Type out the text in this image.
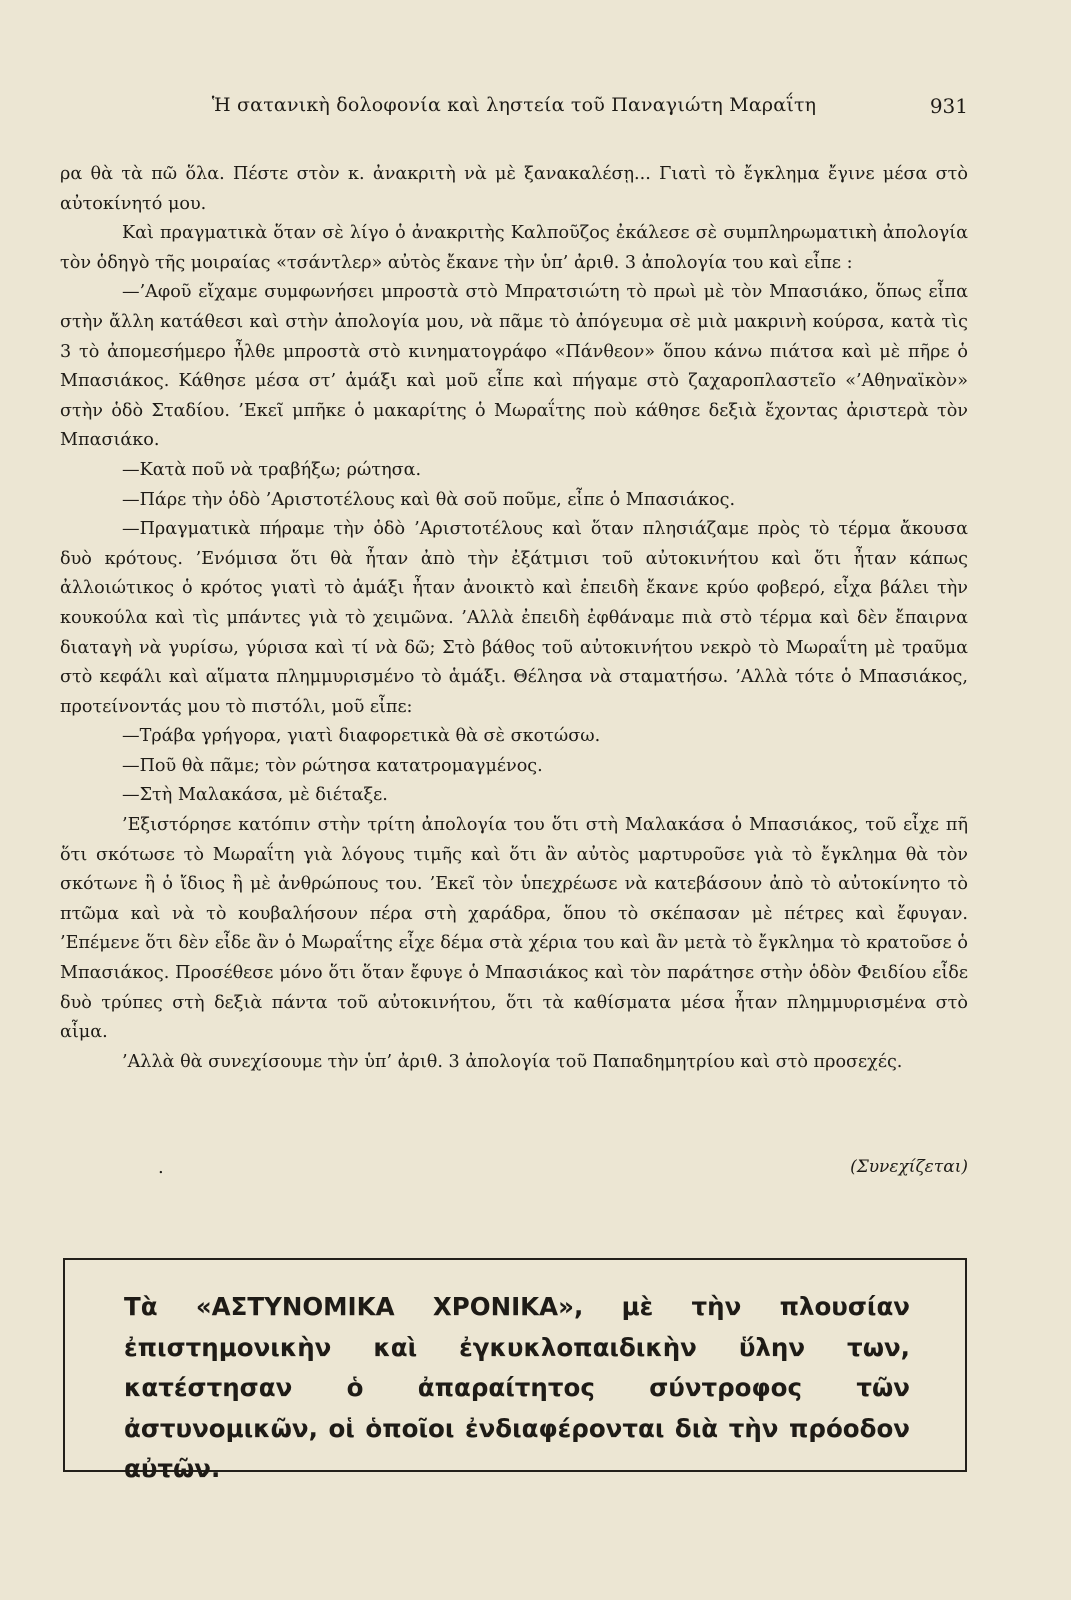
Ἡ σατανικὴ δολοφονία καὶ ληστεία τοῦ Παναγιώτη Μαραΐτη	931

ρα θὰ τὰ πῶ ὅλα. Πέστε στὸν κ. ἀνακριτὴ νὰ μὲ ξανακαλέσῃ... Γιατὶ τὸ ἔγκλημα ἔγινε μέσα στὸ αὐτοκίνητό μου.

Καὶ πραγματικὰ ὅταν σὲ λίγο ὁ ἀνακριτὴς Καλποῦζος ἐκάλεσε σὲ συμπληρωματικὴ ἀπολογία τὸν ὁδηγὸ τῆς μοιραίας «τσάντλερ» αὐτὸς ἔκανε τὴν ὑπ’ ἀριθ. 3 ἀπολογία του καὶ εἶπε :

—’Αφοῦ εἴχαμε συμφωνήσει μπροστὰ στὸ Μπρατσιώτη τὸ πρωὶ μὲ τὸν Μπασιάκο, ὅπως εἶπα στὴν ἄλλη κατάθεσι καὶ στὴν ἀπολογία μου, νὰ πᾶμε τὸ ἀπόγευμα σὲ μιὰ μακρινὴ κούρσα, κατὰ τὶς 3 τὸ ἀπομεσήμερο ἦλθε μπροστὰ στὸ κινηματογράφο «Πάνθεον» ὅπου κάνω πιάτσα καὶ μὲ πῆρε ὁ Μπασιάκος. Κάθησε μέσα στ’ ἁμάξι καὶ μοῦ εἶπε καὶ πήγαμε στὸ ζαχαροπλαστεῖο «’Αθηναϊκὸν» στὴν ὁδὸ Σταδίου. ’Εκεῖ μπῆκε ὁ μακαρίτης ὁ Μωραΐτης ποὺ κάθησε δεξιὰ ἔχοντας ἀριστερὰ τὸν Μπασιάκο.

—Κατὰ ποῦ νὰ τραβήξω; ρώτησα.

—Πάρε τὴν ὁδὸ ’Αριστοτέλους καὶ θὰ σοῦ ποῦμε, εἶπε ὁ Μπασιάκος.

—Πραγματικὰ πήραμε τὴν ὁδὸ ’Αριστοτέλους καὶ ὅταν πλησιάζαμε πρὸς τὸ τέρμα ἄκουσα δυὸ κρότους. ’Ενόμισα ὅτι θὰ ἦταν ἀπὸ τὴν ἐξάτμισι τοῦ αὐτοκινήτου καὶ ὅτι ἦταν κάπως ἀλλοιώτικος ὁ κρότος γιατὶ τὸ ἁμάξι ἦταν ἀνοικτὸ καὶ ἐπειδὴ ἔκανε κρύο φοβερό, εἶχα βάλει τὴν κουκούλα καὶ τὶς μπάντες γιὰ τὸ χειμῶνα. ’Αλλὰ ἐπειδὴ ἐφθάναμε πιὰ στὸ τέρμα καὶ δὲν ἔπαιρνα διαταγὴ νὰ γυρίσω, γύρισα καὶ τί νὰ δῶ; Στὸ βάθος τοῦ αὐτοκινήτου νεκρὸ τὸ Μωραΐτη μὲ τραῦμα στὸ κεφάλι καὶ αἵματα πλημμυρισμένο τὸ ἁμάξι. Θέλησα νὰ σταματήσω. ’Αλλὰ τότε ὁ Μπασιάκος, προτείνοντάς μου τὸ πιστόλι, μοῦ εἶπε:

—Τράβα γρήγορα, γιατὶ διαφορετικὰ θὰ σὲ σκοτώσω.

—Ποῦ θὰ πᾶμε; τὸν ρώτησα κατατρομαγμένος.

—Στὴ Μαλακάσα, μὲ διέταξε.

’Εξιστόρησε κατόπιν στὴν τρίτη ἀπολογία του ὅτι στὴ Μαλακάσα ὁ Μπασιάκος, τοῦ εἶχε πῆ ὅτι σκότωσε τὸ Μωραΐτη γιὰ λόγους τιμῆς καὶ ὅτι ἂν αὐτὸς μαρτυροῦσε γιὰ τὸ ἔγκλημα θὰ τὸν σκότωνε ἢ ὁ ἴδιος ἢ μὲ ἀνθρώπους του. ’Εκεῖ τὸν ὑπεχρέωσε νὰ κατεβάσουν ἀπὸ τὸ αὐτοκίνητο τὸ πτῶμα καὶ νὰ τὸ κουβαλήσουν πέρα στὴ χαράδρα, ὅπου τὸ σκέπασαν μὲ πέτρες καὶ ἔφυγαν. ’Επέμενε ὅτι δὲν εἶδε ἂν ὁ Μωραΐτης εἶχε δέμα στὰ χέρια του καὶ ἂν μετὰ τὸ ἔγκλημα τὸ κρατοῦσε ὁ Μπασιάκος. Προσέθεσε μόνο ὅτι ὅταν ἔφυγε ὁ Μπασιάκος καὶ τὸν παράτησε στὴν ὁδὸν Φειδίου εἶδε δυὸ τρύπες στὴ δεξιὰ πάντα τοῦ αὐτοκινήτου, ὅτι τὰ καθίσματα μέσα ἦταν πλημμυρισμένα στὸ αἷμα.

’Αλλὰ θὰ συνεχίσουμε τὴν ὑπ’ ἀριθ. 3 ἀπολογία τοῦ Παπαδημητρίου καὶ στὸ προσεχές.

.	(Συνεχίζεται)

Τὰ «ΑΣΤΥΝΟΜΙΚΑ ΧΡΟΝΙΚΑ», μὲ τὴν πλουσίαν ἐπιστημονικὴν καὶ ἐγκυκλοπαιδικὴν ὕλην των, κατέστησαν ὁ ἀπαραίτητος σύντροφος τῶν ἀστυνομικῶν, οἱ ὁποῖοι ἐνδιαφέρονται διὰ τὴν πρόοδον αὐτῶν.
